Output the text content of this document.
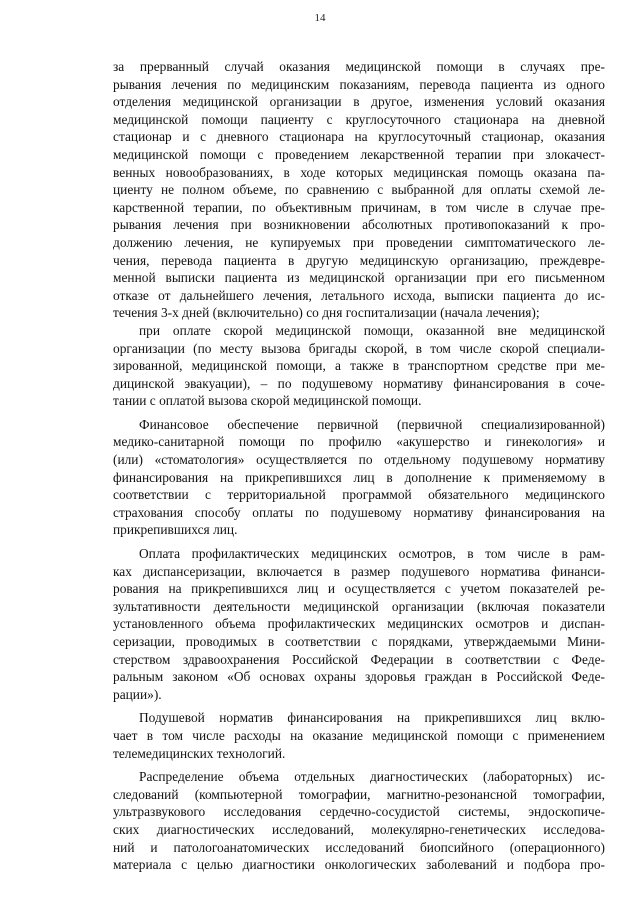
14

за прерванный случай оказания медицинской помощи в случаях пре-
рывания лечения по медицинским показаниям, перевода пациента из одного
отделения медицинской организации в другое, изменения условий оказания
медицинской помощи пациенту с круглосуточного стационара на дневной
стационар и с дневного стационара на круглосуточный стационар, оказания
медицинской помощи с проведением лекарственной терапии при злокачест-
венных новообразованиях, в ходе которых медицинская помощь оказана па-
циенту не полном объеме, по сравнению с выбранной для оплаты схемой ле-
карственной терапии, по объективным причинам, в том числе в случае пре-
рывания лечения при возникновении абсолютных противопоказаний к про-
должению лечения, не купируемых при проведении симптоматического ле-
чения, перевода пациента в другую медицинскую организацию, преждевре-
менной выписки пациента из медицинской организации при его письменном
отказе от дальнейшего лечения, летального исхода, выписки пациента до ис-
течения 3-х дней (включительно) со дня госпитализации (начала лечения);

при оплате скорой медицинской помощи, оказанной вне медицинской
организации (по месту вызова бригады скорой, в том числе скорой специали-
зированной, медицинской помощи, а также в транспортном средстве при ме-
дицинской эвакуации), – по подушевому нормативу финансирования в соче-
тании с оплатой вызова скорой медицинской помощи.

Финансовое обеспечение первичной (первичной специализированной)
медико-санитарной помощи по профилю «акушерство и гинекология» и
(или) «стоматология» осуществляется по отдельному подушевому нормативу
финансирования на прикрепившихся лиц в дополнение к применяемому в
соответствии с территориальной программой обязательного медицинского
страхования способу оплаты по подушевому нормативу финансирования на
прикрепившихся лиц.

Оплата профилактических медицинских осмотров, в том числе в рам-
ках диспансеризации, включается в размер подушевого норматива финанси-
рования на прикрепившихся лиц и осуществляется с учетом показателей ре-
зультативности деятельности медицинской организации (включая показатели
установленного объема профилактических медицинских осмотров и диспан-
серизации, проводимых в соответствии с порядками, утверждаемыми Мини-
стерством здравоохранения Российской Федерации в соответствии с Феде-
ральным законом «Об основах охраны здоровья граждан в Российской Феде-
рации»).

Подушевой норматив финансирования на прикрепившихся лиц вклю-
чает в том числе расходы на оказание медицинской помощи с применением
телемедицинских технологий.

Распределение объема отдельных диагностических (лабораторных) ис-
следований (компьютерной томографии, магнитно-резонансной томографии,
ультразвукового исследования сердечно-сосудистой системы, эндоскопиче-
ских диагностических исследований, молекулярно-генетических исследова-
ний и патологоанатомических исследований биопсийного (операционного)
материала с целью диагностики онкологических заболеваний и подбора про-
